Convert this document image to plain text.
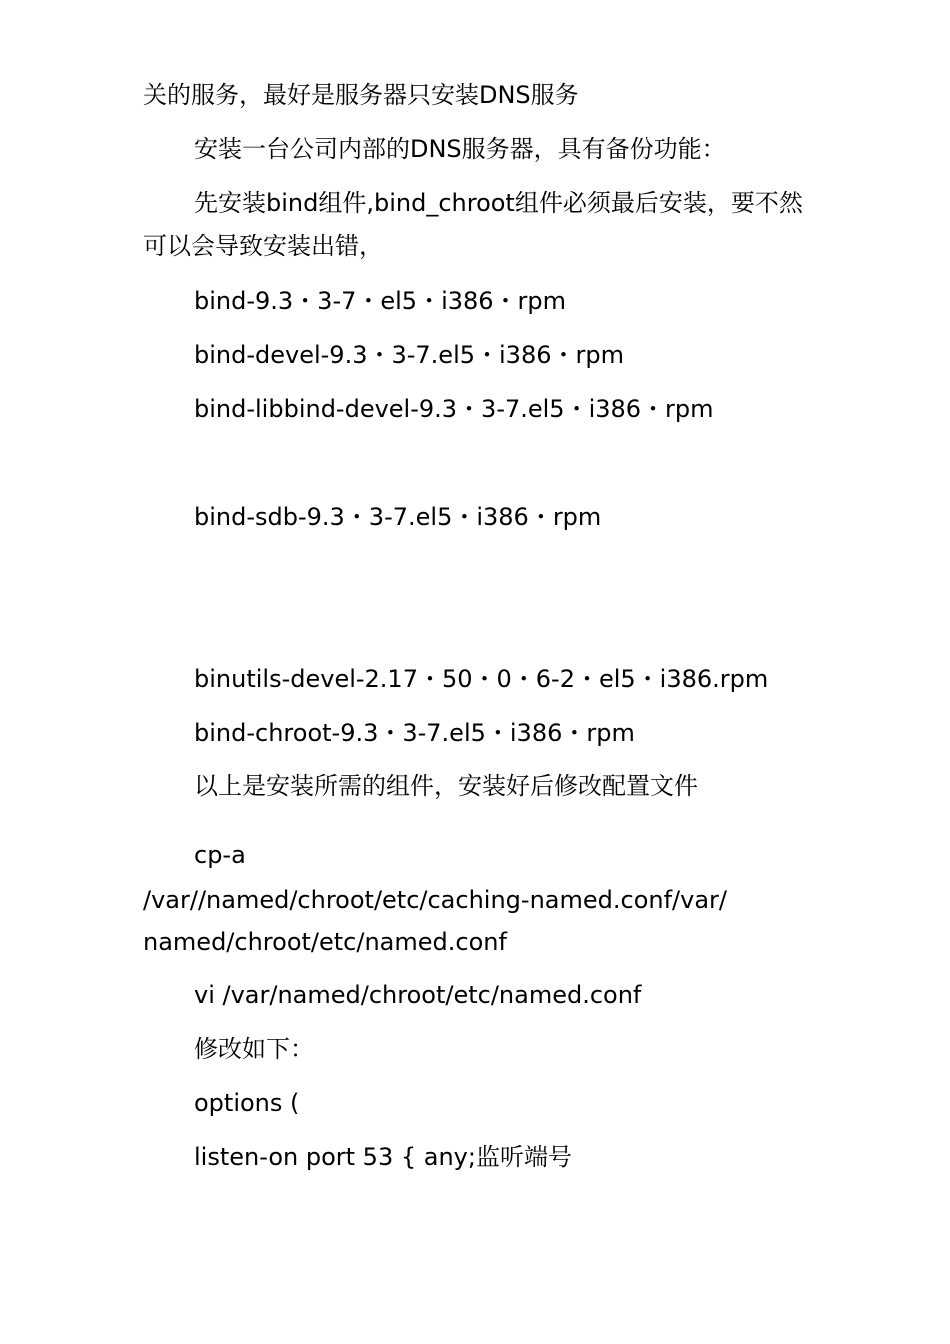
关的服务，最好是服务器只安装DNS服务
安装一台公司内部的DNS服务器，具有备份功能：
先安装bind组件,bind_chroot组件必须最后安装，要不然
可以会导致安装出错，
bind-9.3・3-7・el5・i386・rpm
bind-devel-9.3・3-7.el5・i386・rpm
bind-libbind-devel-9.3・3-7.el5・i386・rpm
bind-sdb-9.3・3-7.el5・i386・rpm
binutils-devel-2.17・50・0・6-2・el5・i386.rpm
bind-chroot-9.3・3-7.el5・i386・rpm
以上是安装所需的组件，安装好后修改配置文件
cp-a
/var//named/chroot/etc/caching-named.conf/var/
named/chroot/etc/named.conf
vi /var/named/chroot/etc/named.conf
修改如下：
options (
listen-on port 53 { any;监听端号
